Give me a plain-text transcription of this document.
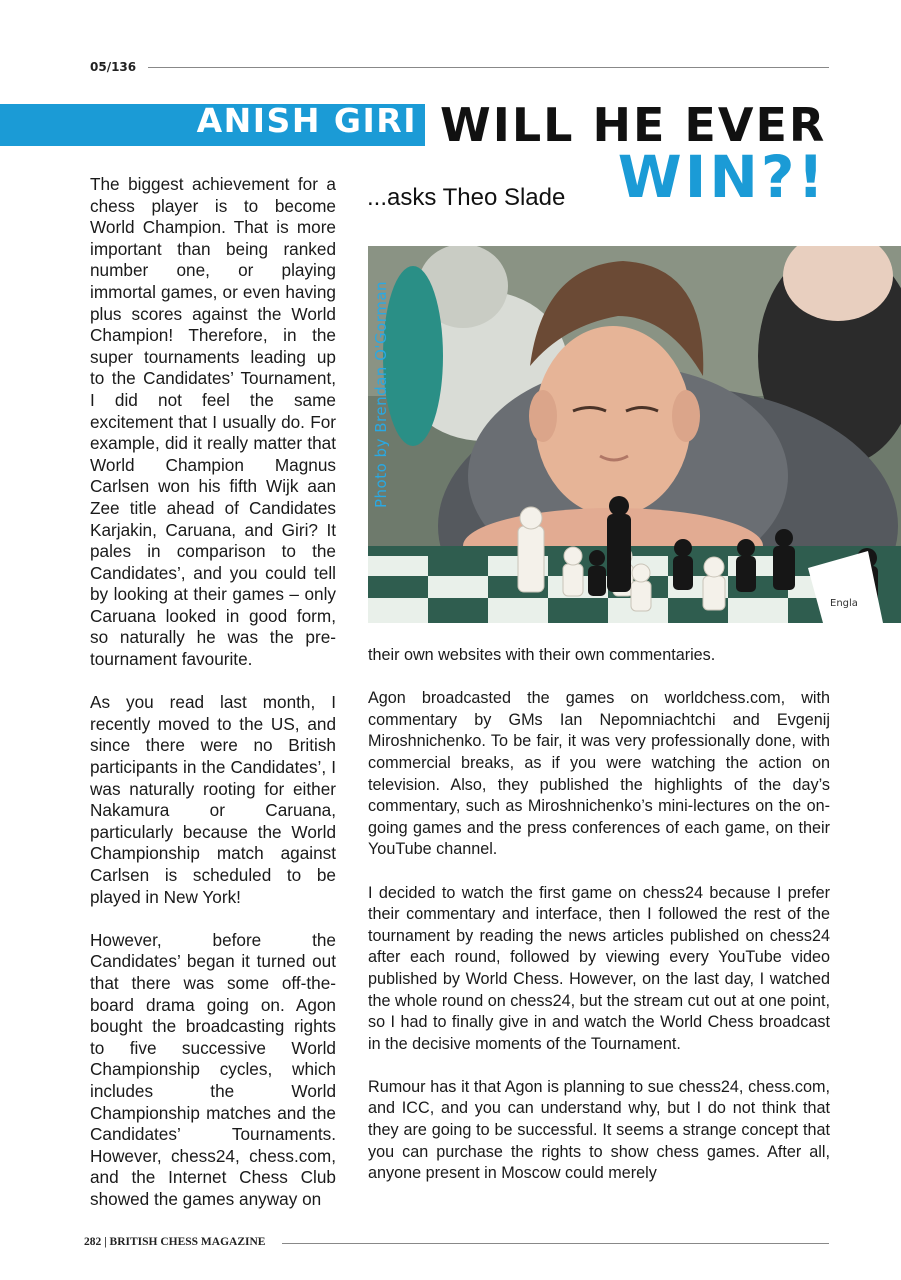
05/136
ANISH GIRI WILL HE EVER
WIN?!
...asks Theo Slade

The biggest achievement for a chess player is to become World Champion. That is more important than being ranked number one, or playing immortal games, or even having plus scores against the World Champion! Therefore, in the super tournaments leading up to the Candidates’ Tournament, I did not feel the same excitement that I usually do. For example, did it really matter that World Champion Magnus Carlsen won his fifth Wijk aan Zee title ahead of Candidates Karjakin, Caruana, and Giri? It pales in comparison to the Candidates’, and you could tell by looking at their games – only Caruana looked in good form, so naturally he was the pre-tournament favourite.

As you read last month, I recently moved to the US, and since there were no British participants in the Candidates’, I was naturally rooting for either Nakamura or Caruana, particularly because the World Championship match against Carlsen is scheduled to be played in New York!

However, before the Candidates’ began it turned out that there was some off-the-board drama going on. Agon bought the broadcasting rights to five successive World Championship cycles, which includes the World Championship matches and the Candidates’ Tournaments. However, chess24, chess.com, and the Internet Chess Club showed the games anyway on

Engla
Photo by Brendan O'Gorman

their own websites with their own commentaries.

Agon broadcasted the games on worldchess.com, with commentary by GMs Ian Nepomniachtchi and Evgenij Miroshnichenko. To be fair, it was very professionally done, with commercial breaks, as if you were watching the action on television. Also, they published the highlights of the day’s commentary, such as Miroshnichenko’s mini-lectures on the on-going games and the press conferences of each game, on their YouTube channel.

I decided to watch the first game on chess24 because I prefer their commentary and interface, then I followed the rest of the tournament by reading the news articles published on chess24 after each round, followed by viewing every YouTube video published by World Chess. However, on the last day, I watched the whole round on chess24, but the stream cut out at one point, so I had to finally give in and watch the World Chess broadcast in the decisive moments of the Tournament.

Rumour has it that Agon is planning to sue chess24, chess.com, and ICC, and you can understand why, but I do not think that they are going to be successful. It seems a strange concept that you can purchase the rights to show chess games. After all, anyone present in Moscow could merely

282 | BRITISH CHESS MAGAZINE
